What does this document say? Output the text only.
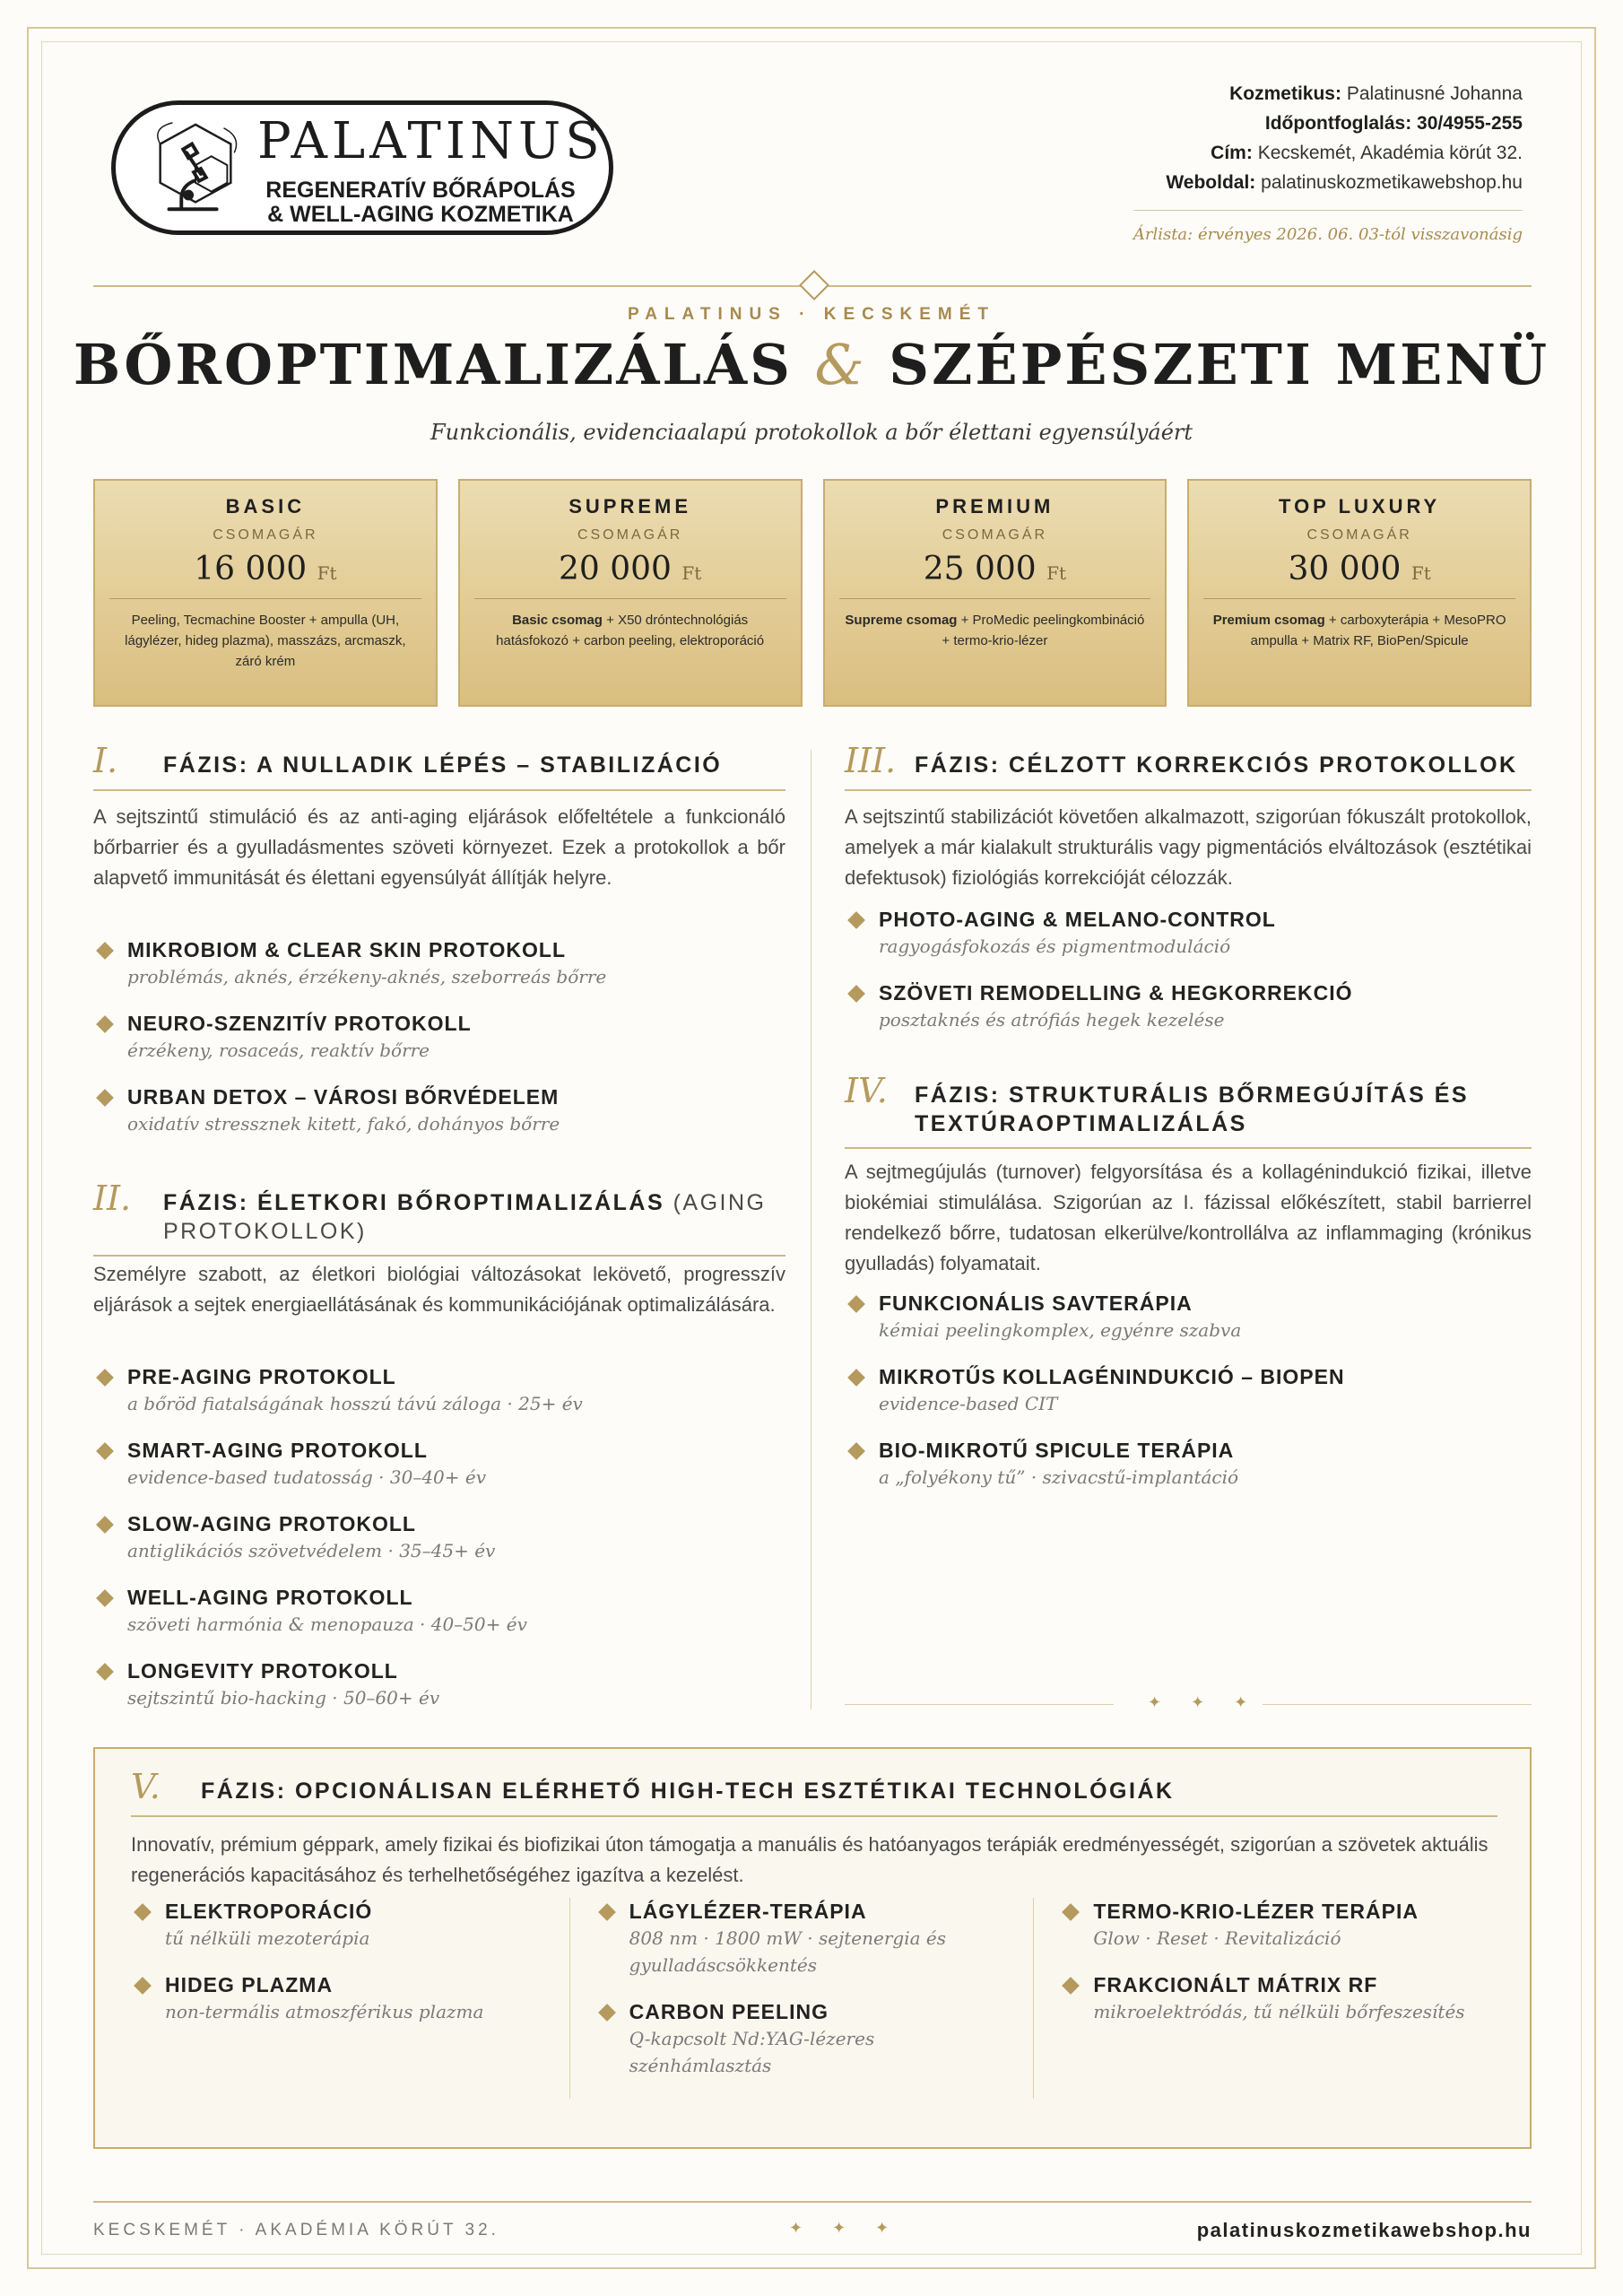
PALATINUS
REGENERATÍV BŐRÁPOLÁS
& WELL-AGING KOZMETIKA
Kozmetikus: Palatinusné Johanna
Időpontfoglalás: 30/4955-255
Cím: Kecskemét, Akadémia körút 32.
Weboldal: palatinuskozmetikawebshop.hu
Árlista: érvényes 2026. 06. 03-tól visszavonásig
PALATINUS · KECSKEMÉT
BŐROPTIMALIZÁLÁS & SZÉPÉSZETI MENÜ
Funkcionális, evidenciaalapú protokollok a bőr élettani egyensúlyáért
BASIC
CSOMAGÁR
16 000 Ft
Peeling, Tecmachine Booster + ampulla (UH, lágylézer, hideg plazma), masszázs, arcmaszk, záró krém
SUPREME
CSOMAGÁR
20 000 Ft
Basic csomag + X50 dróntechnológiás hatásfokozó + carbon peeling, elektroporáció
PREMIUM
CSOMAGÁR
25 000 Ft
Supreme csomag + ProMedic peelingkombináció + termo-krio-lézer
TOP LUXURY
CSOMAGÁR
30 000 Ft
Premium csomag + carboxyterápia + MesoPRO ampulla + Matrix RF, BioPen/Spicule
I.	FÁZIS: A NULLADIK LÉPÉS – STABILIZÁCIÓ
A sejtszintű stimuláció és az anti-aging eljárások előfeltétele a funkcionáló bőrbarrier és a gyulladásmentes szöveti környezet. Ezek a protokollok a bőr alapvető immunitását és élettani egyensúlyát állítják helyre.
MIKROBIOM & CLEAR SKIN PROTOKOLL
problémás, aknés, érzékeny-aknés, szeborreás bőrre
NEURO-SZENZITÍV PROTOKOLL
érzékeny, rosaceás, reaktív bőrre
URBAN DETOX – VÁROSI BŐRVÉDELEM
oxidatív stressznek kitett, fakó, dohányos bőrre
II.	FÁZIS: ÉLETKORI BŐROPTIMALIZÁLÁS (AGING PROTOKOLLOK)
Személyre szabott, az életkori biológiai változásokat lekövető, progresszív eljárások a sejtek energiaellátásának és kommunikációjának optimalizálására.
PRE-AGING PROTOKOLL
a bőröd fiatalságának hosszú távú záloga · 25+ év
SMART-AGING PROTOKOLL
evidence-based tudatosság · 30–40+ év
SLOW-AGING PROTOKOLL
antiglikációs szövetvédelem · 35–45+ év
WELL-AGING PROTOKOLL
szöveti harmónia & menopauza · 40–50+ év
LONGEVITY PROTOKOLL
sejtszintű bio-hacking · 50–60+ év
III. FÁZIS: CÉLZOTT KORREKCIÓS PROTOKOLLOK
A sejtszintű stabilizációt követően alkalmazott, szigorúan fókuszált protokollok, amelyek a már kialakult strukturális vagy pigmentációs elváltozások (esztétikai defektusok) fiziológiás korrekcióját célozzák.
PHOTO-AGING & MELANO-CONTROL
ragyogásfokozás és pigmentmoduláció
SZÖVETI REMODELLING & HEGKORREKCIÓ
posztaknés és atrófiás hegek kezelése
IV.	FÁZIS: STRUKTURÁLIS BŐRMEGÚJÍTÁS ÉS TEXTÚRAOPTIMALIZÁLÁS
A sejtmegújulás (turnover) felgyorsítása és a kollagénindukció fizikai, illetve biokémiai stimulálása. Szigorúan az I. fázissal előkészített, stabil barrierrel rendelkező bőrre, tudatosan elkerülve/kontrollálva az inflammaging (krónikus gyulladás) folyamatait.
FUNKCIONÁLIS SAVTERÁPIA
kémiai peelingkomplex, egyénre szabva
MIKROTŰS KOLLAGÉNINDUKCIÓ – BIOPEN
evidence-based CIT
BIO-MIKROTŰ SPICULE TERÁPIA
a „folyékony tű” · szivacstű-implantáció
✦ ✦ ✦
V.	FÁZIS: OPCIONÁLISAN ELÉRHETŐ HIGH-TECH ESZTÉTIKAI TECHNOLÓGIÁK
Innovatív, prémium géppark, amely fizikai és biofizikai úton támogatja a manuális és hatóanyagos terápiák eredményességét, szigorúan a szövetek aktuális regenerációs kapacitásához és terhelhetőségéhez igazítva a kezelést.
ELEKTROPORÁCIÓ
tű nélküli mezoterápia
HIDEG PLAZMA
non-termális atmoszférikus plazma
LÁGYLÉZER-TERÁPIA
808 nm · 1800 mW · sejtenergia és gyulladáscsökkentés
CARBON PEELING
Q-kapcsolt Nd:YAG-lézeres szénhámlasztás
TERMO-KRIO-LÉZER TERÁPIA
Glow · Reset · Revitalizáció
FRAKCIONÁLT MÁTRIX RF
mikroelektródás, tű nélküli bőrfeszesítés
KECSKEMÉT · AKADÉMIA KÖRÚT 32.	✦ ✦ ✦	palatinuskozmetikawebshop.hu
